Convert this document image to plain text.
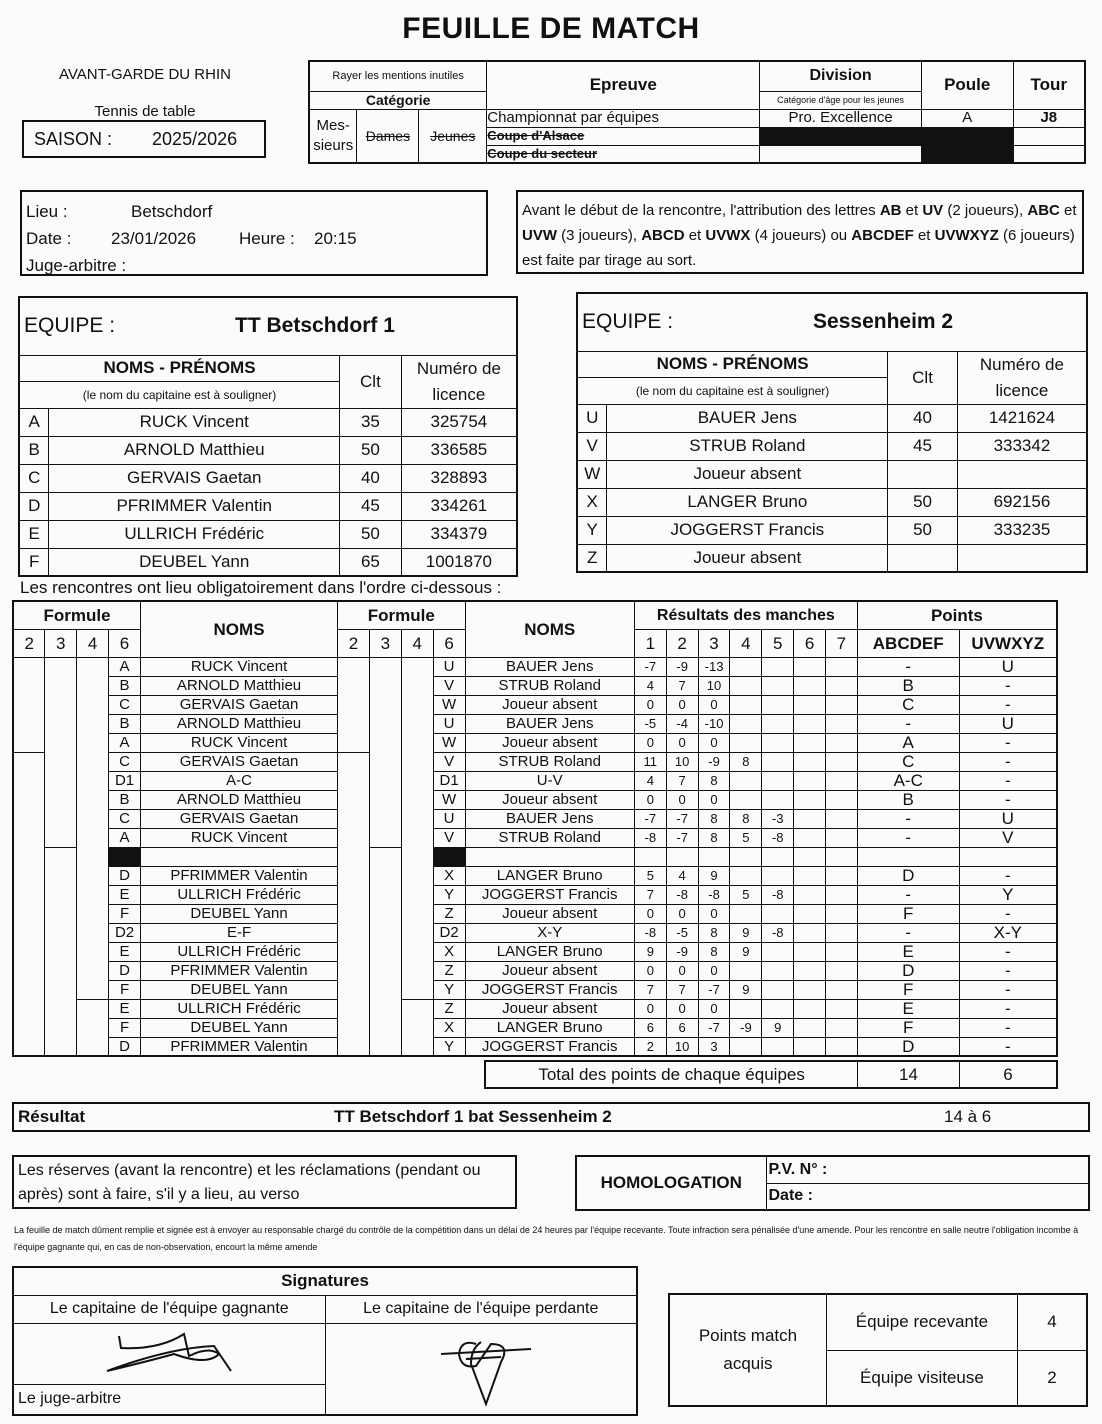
FEUILLE DE MATCH
AVANT-GARDE DU RHIN
Tennis de table
SAISON : 2025/2026
Rayer les mentions inutiles			Epreuve	Division	Poule	Tour
Catégorie				Catégorie d'âge pour les jeunes		
Mes-sieurs	Dames	Jeunes	Championnat par équipes	Pro. Excellence	A	J8
			Coupe d'Alsace			
			Coupe du secteur			
Lieu :	Betschdorf
Date :	23/01/2026	Heure :	20:15
Juge-arbitre :
Avant le début de la rencontre, l'attribution des lettres AB et UV (2 joueurs), ABC et UVW (3 joueurs), ABCD et UVWX (4 joueurs) ou ABCDEF et UVWXYZ (6 joueurs) est faite par tirage au sort.
EQUIPE : TT Betschdorf 1			
NOMS - PRÉNOMS		Clt	Numéro de licence
(le nom du capitaine est à souligner)			
A	RUCK Vincent	35	325754
B	ARNOLD Matthieu	50	336585
C	GERVAIS Gaetan	40	328893
D	PFRIMMER Valentin	45	334261
E	ULLRICH Frédéric	50	334379
F	DEUBEL Yann	65	1001870
EQUIPE : Sessenheim 2			
NOMS - PRÉNOMS		Clt	Numéro de licence
(le nom du capitaine est à souligner)			
U	BAUER Jens	40	1421624
V	STRUB Roland	45	333342
W	Joueur absent		
X	LANGER Bruno	50	692156
Y	JOGGERST Francis	50	333235
Z	Joueur absent		
Les rencontres ont lieu obligatoirement dans l'ordre ci-dessous :
Formule				NOMS	Formule				NOMS	Résultats des manches							Points	
2	3	4	6		2	3	4	6		1	2	3	4	5	6	7	ABCDEF	UVWXYZ
			A	RUCK Vincent				U	BAUER Jens	-7	-9	-13					-	U
			B	ARNOLD Matthieu				V	STRUB Roland	4	7	10					B	-
			C	GERVAIS Gaetan				W	Joueur absent	0	0	0					C	-
			B	ARNOLD Matthieu				U	BAUER Jens	-5	-4	-10					-	U
			A	RUCK Vincent				W	Joueur absent	0	0	0					A	-
			C	GERVAIS Gaetan				V	STRUB Roland	11	10	-9	8				C	-
			D1	A-C				D1	U-V	4	7	8					A-C	-
			B	ARNOLD Matthieu				W	Joueur absent	0	0	0					B	-
			C	GERVAIS Gaetan				U	BAUER Jens	-7	-7	8	8	-3			-	U
			A	RUCK Vincent				V	STRUB Roland	-8	-7	8	5	-8			-	V

			D	PFRIMMER Valentin				X	LANGER Bruno	5	4	9					D	-
			E	ULLRICH Frédéric				Y	JOGGERST Francis	7	-8	-8	5	-8			-	Y
			F	DEUBEL Yann				Z	Joueur absent	0	0	0					F	-
			D2	E-F				D2	X-Y	-8	-5	8	9	-8			-	X-Y
			E	ULLRICH Frédéric				X	LANGER Bruno	9	-9	8	9				E	-
			D	PFRIMMER Valentin				Z	Joueur absent	0	0	0					D	-
			F	DEUBEL Yann				Y	JOGGERST Francis	7	7	-7	9				F	-
			E	ULLRICH Frédéric				Z	Joueur absent	0	0	0					E	-
			F	DEUBEL Yann				X	LANGER Bruno	6	6	-7	-9	9			F	-
			D	PFRIMMER Valentin				Y	JOGGERST Francis	2	10	3					D	-
Total des points de chaque équipes	14	6
Résultat	TT Betschdorf 1 bat Sessenheim 2	14 à 6
Les réserves (avant la rencontre) et les réclamations (pendant ou après) sont à faire, s'il y a lieu, au verso
HOMOLOGATION	P.V. N° :
Date :
La feuille de match dûment remplie et signée est à envoyer au responsable chargé du contrôle de la compétition dans un délai de 24 heures par l'équipe recevante. Toute infraction sera pénalisée d'une amende. Pour les rencontre en salle neutre l'obligation incombe à l'équipe gagnante qui, en cas de non-observation, encourt la même amende
Signatures	
Le capitaine de l'équipe gagnante	Le capitaine de l'équipe perdante

Le juge-arbitre	
Points match acquis	Équipe recevante	4
	Équipe visiteuse	2
